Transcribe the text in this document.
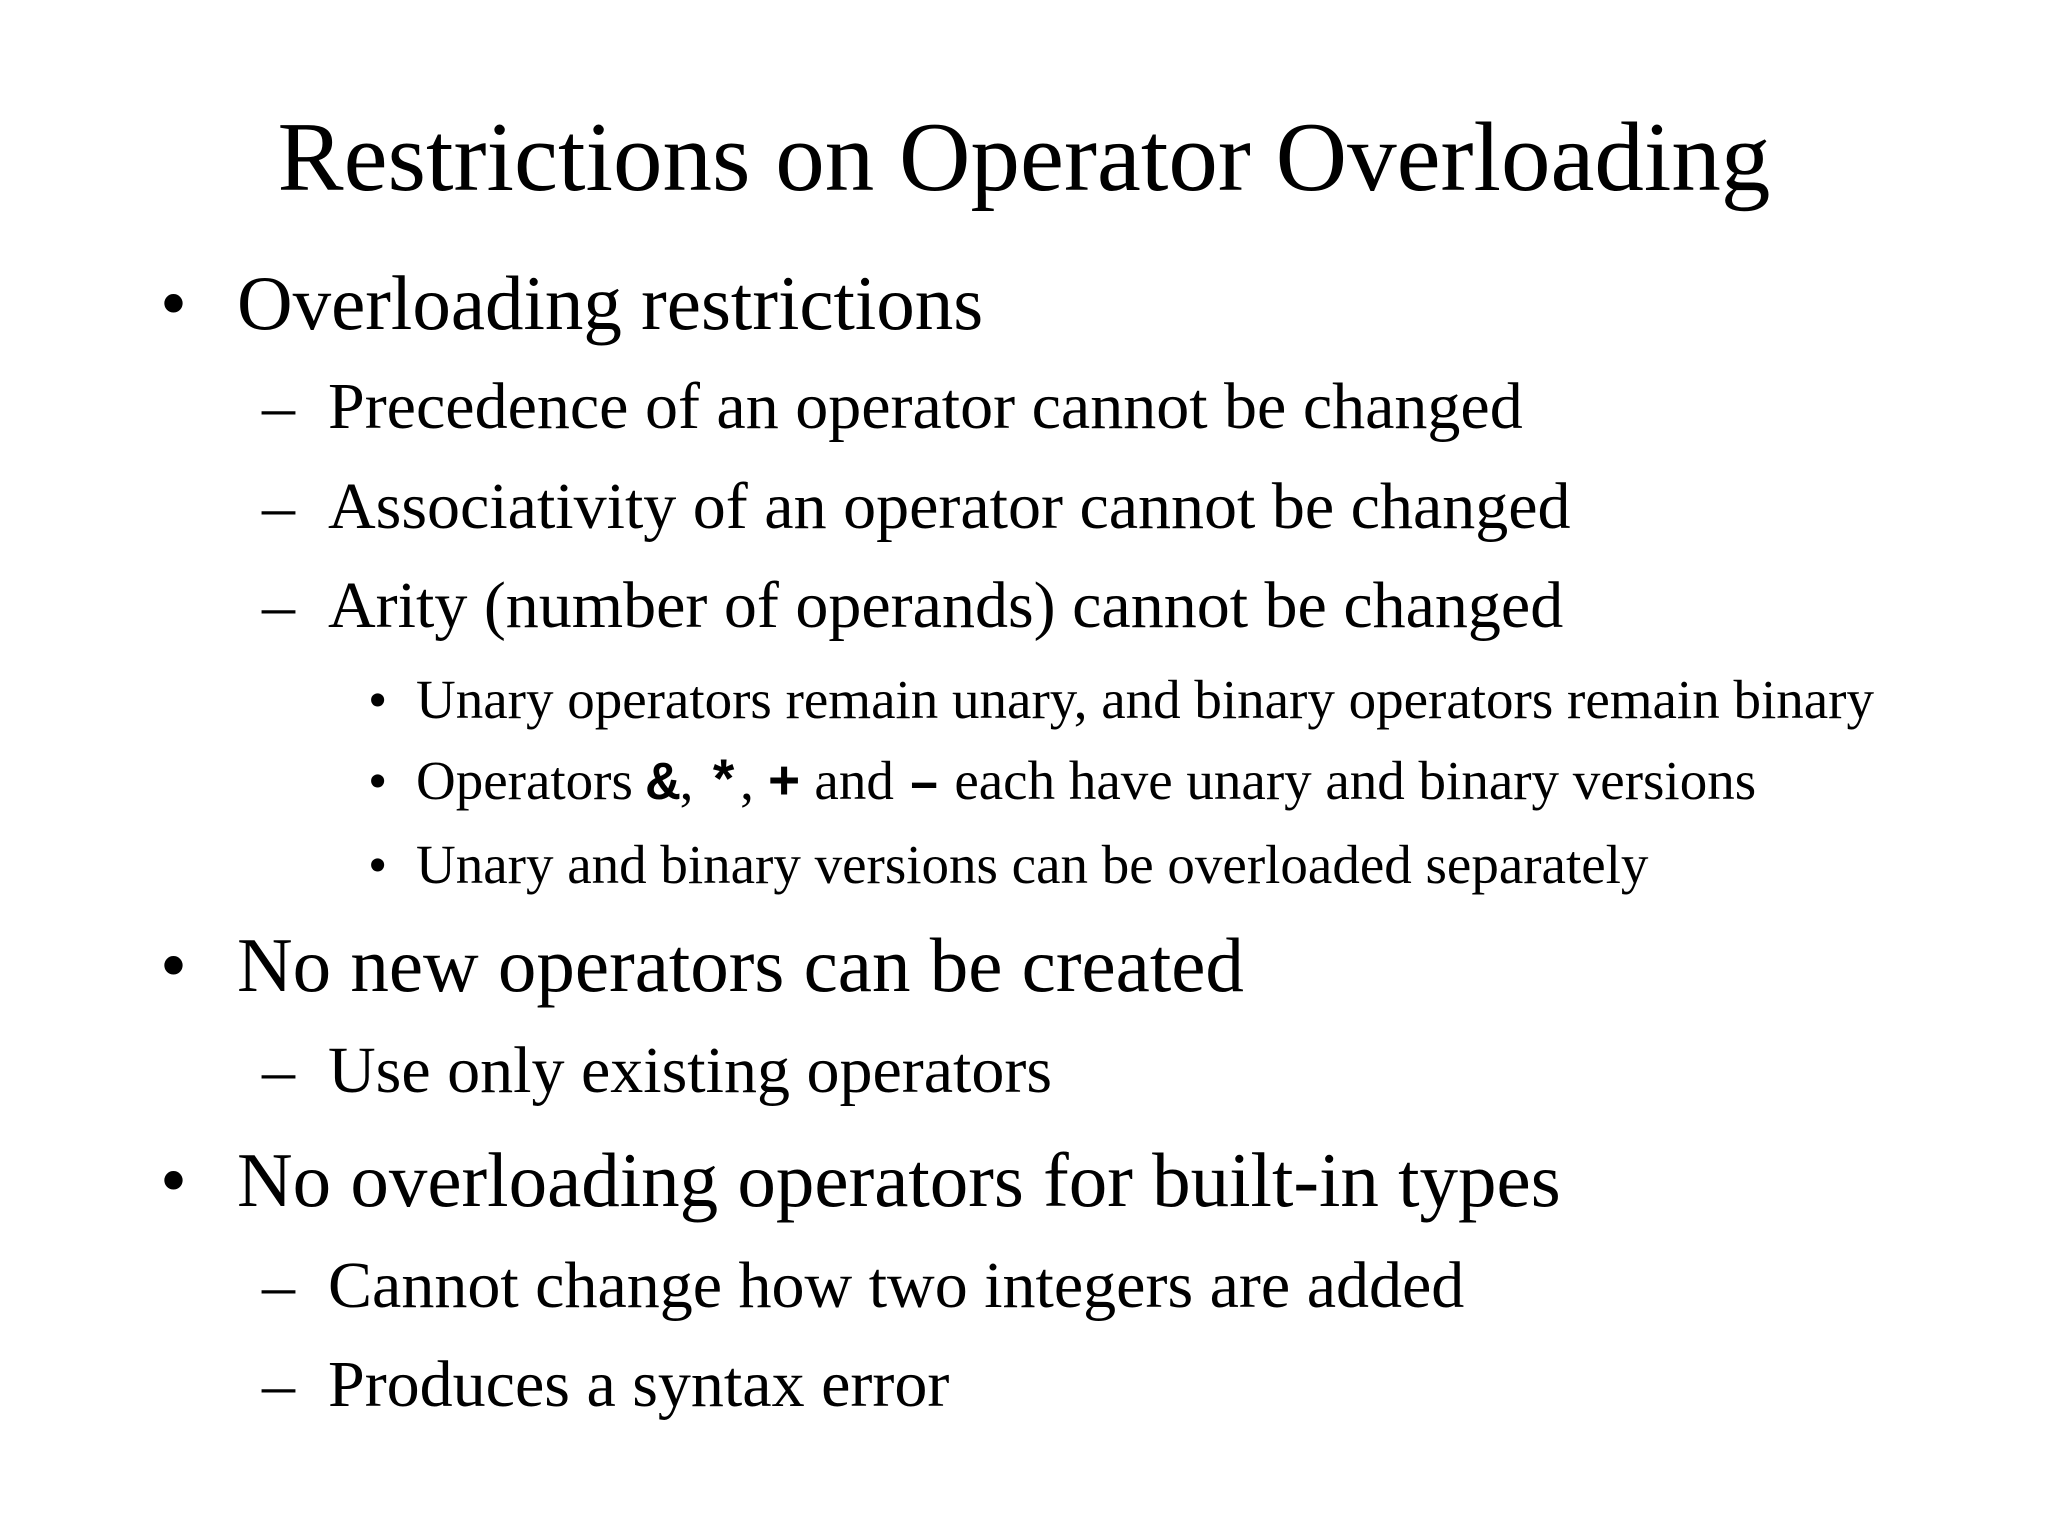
Restrictions on Operator Overloading
• Overloading restrictions
– Precedence of an operator cannot be changed
– Associativity of an operator cannot be changed
– Arity (number of operands) cannot be changed
• Unary operators remain unary, and binary operators remain binary
• Operators &, *, + and – each have unary and binary versions
• Unary and binary versions can be overloaded separately
• No new operators can be created
– Use only existing operators
• No overloading operators for built-in types
– Cannot change how two integers are added
– Produces a syntax error
